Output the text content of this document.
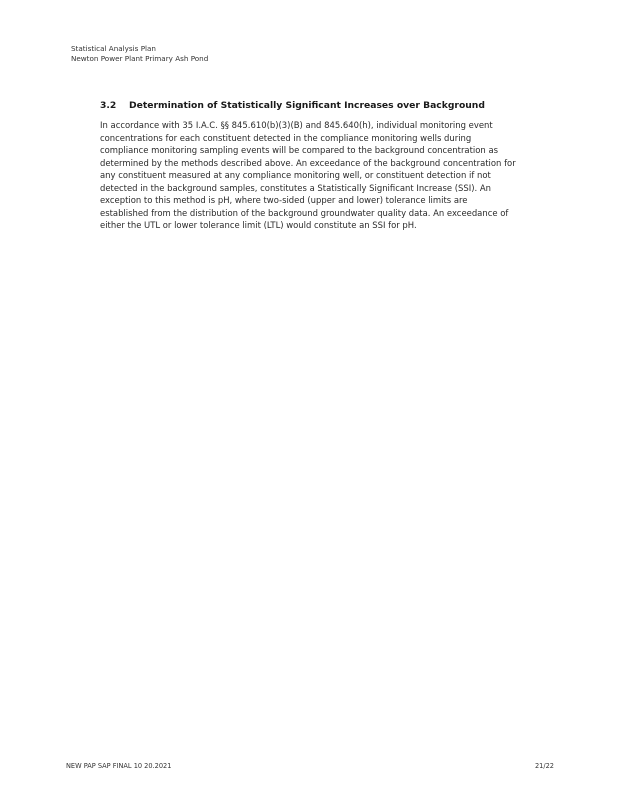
Statistical Analysis Plan
Newton Power Plant Primary Ash Pond
3.2 Determination of Statistically Significant Increases over Background
In accordance with 35 I.A.C. §§ 845.610(b)(3)(B) and 845.640(h), individual monitoring event
concentrations for each constituent detected in the compliance monitoring wells during
compliance monitoring sampling events will be compared to the background concentration as
determined by the methods described above. An exceedance of the background concentration for
any constituent measured at any compliance monitoring well, or constituent detection if not
detected in the background samples, constitutes a Statistically Significant Increase (SSI). An
exception to this method is pH, where two-sided (upper and lower) tolerance limits are
established from the distribution of the background groundwater quality data. An exceedance of
either the UTL or lower tolerance limit (LTL) would constitute an SSI for pH.
NEW PAP SAP FINAL 10 20.2021	21/22
